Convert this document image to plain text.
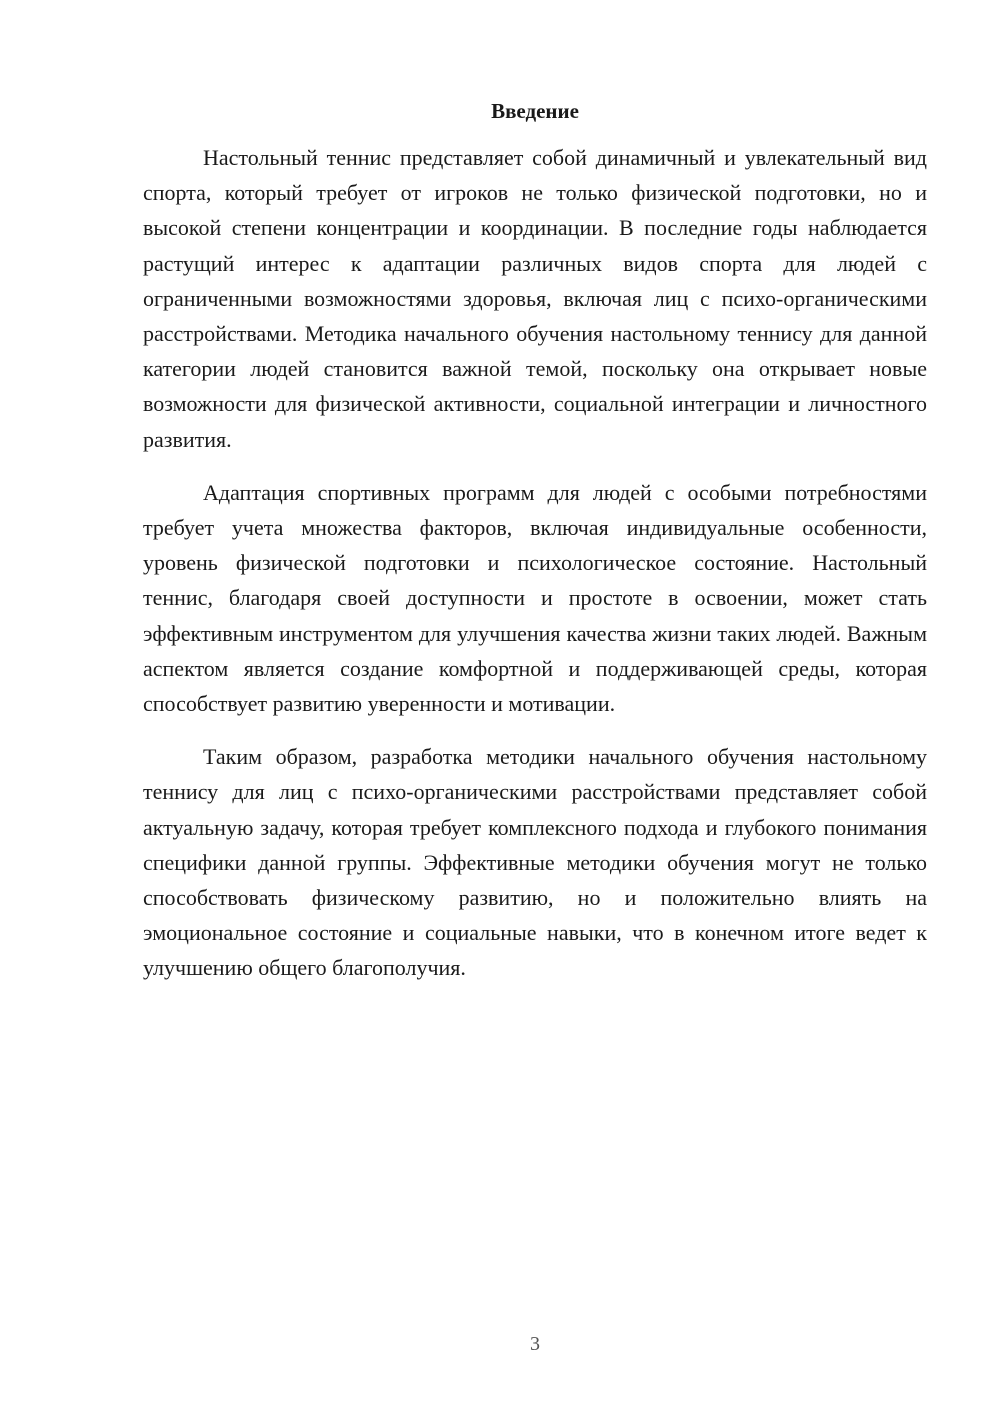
Введение

Настольный теннис представляет собой динамичный и увлекательный вид спорта, который требует от игроков не только физической подготовки, но и высокой степени концентрации и координации. В последние годы наблюдается растущий интерес к адаптации различных видов спорта для людей с ограниченными возможностями здоровья, включая лиц с психо-органическими расстройствами. Методика начального обучения настольному теннису для данной категории людей становится важной темой, поскольку она открывает новые возможности для физической активности, социальной интеграции и личностного развития.

Адаптация спортивных программ для людей с особыми потребностями требует учета множества факторов, включая индивидуальные особенности, уровень физической подготовки и психологическое состояние. Настольный теннис, благодаря своей доступности и простоте в освоении, может стать эффективным инструментом для улучшения качества жизни таких людей. Важным аспектом является создание комфортной и поддерживающей среды, которая способствует развитию уверенности и мотивации.

Таким образом, разработка методики начального обучения настольному теннису для лиц с психо-органическими расстройствами представляет собой актуальную задачу, которая требует комплексного подхода и глубокого понимания специфики данной группы. Эффективные методики обучения могут не только способствовать физическому развитию, но и положительно влиять на эмоциональное состояние и социальные навыки, что в конечном итоге ведет к улучшению общего благополучия.

3
